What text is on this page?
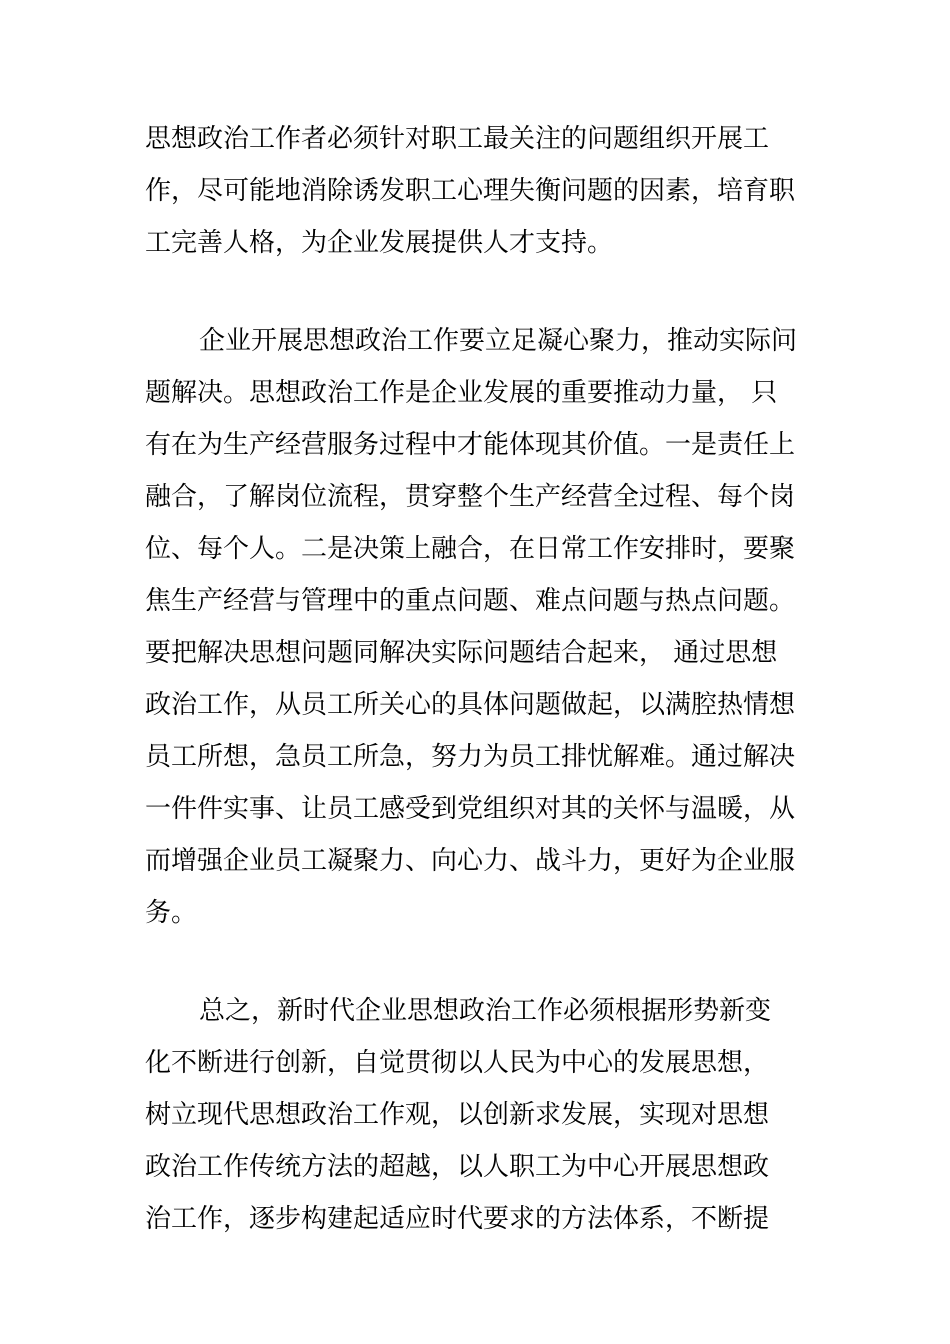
思想政治工作者必须针对职工最关注的问题组织开展工
作，尽可能地消除诱发职工心理失衡问题的因素，培育职
工完善人格，为企业发展提供人才支持。
企业开展思想政治工作要立足凝心聚力，推动实际问
题解决。思想政治工作是企业发展的重要推动力量， 只
有在为生产经营服务过程中才能体现其价值。一是责任上
融合，了解岗位流程，贯穿整个生产经营全过程、每个岗
位、每个人。二是决策上融合，在日常工作安排时，要聚
焦生产经营与管理中的重点问题、难点问题与热点问题。
要把解决思想问题同解决实际问题结合起来， 通过思想
政治工作，从员工所关心的具体问题做起，以满腔热情想
员工所想，急员工所急，努力为员工排忧解难。通过解决
一件件实事、让员工感受到党组织对其的关怀与温暖，从
而增强企业员工凝聚力、向心力、战斗力，更好为企业服
务。
总之，新时代企业思想政治工作必须根据形势新变
化不断进行创新，自觉贯彻以人民为中心的发展思想，
树立现代思想政治工作观，以创新求发展，实现对思想
政治工作传统方法的超越，以人职工为中心开展思想政
治工作，逐步构建起适应时代要求的方法体系，不断提
